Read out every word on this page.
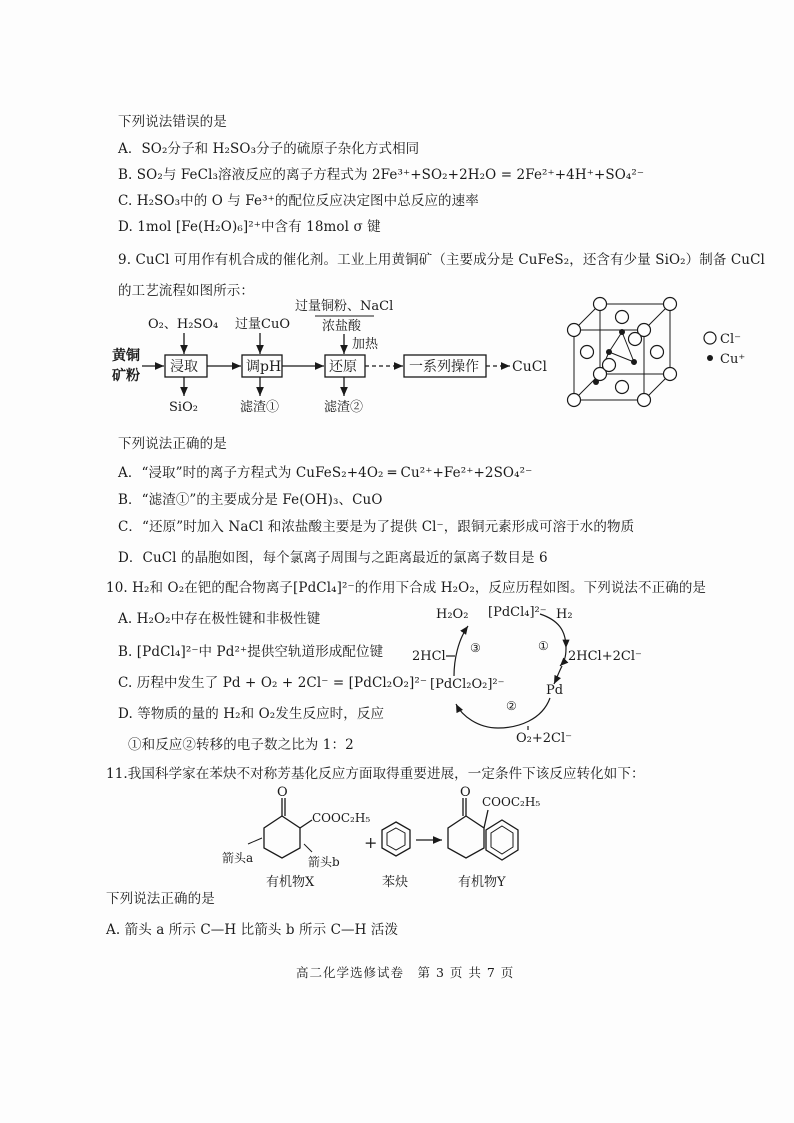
下列说法错误的是
A．SO₂分子和 H₂SO₃分子的硫原子杂化方式相同
B. SO₂与 FeCl₃溶液反应的离子方程式为 2Fe³⁺+SO₂+2H₂O = 2Fe²⁺+4H⁺+SO₄²⁻
C. H₂SO₃中的 O 与 Fe³⁺的配位反应决定图中总反应的速率
D. 1mol [Fe(H₂O)₆]²⁺中含有 18mol σ 键
9. CuCl 可用作有机合成的催化剂。工业上用黄铜矿（主要成分是 CuFeS₂，还含有少量 SiO₂）制备 CuCl
的工艺流程如图所示：
黄铜
矿粉
O₂、H₂SO₄
浸取
SiO₂
过量CuO
调pH
滤渣①
过量铜粉、NaCl
浓盐酸
加热
还原
滤渣②
一系列操作 CuCl
Cl⁻
Cu⁺
下列说法正确的是
A．“浸取”时的离子方程式为 CuFeS₂+4O₂ ═ Cu²⁺+Fe²⁺+2SO₄²⁻
B．“滤渣①”的主要成分是 Fe(OH)₃、CuO
C．“还原”时加入 NaCl 和浓盐酸主要是为了提供 Cl⁻，跟铜元素形成可溶于水的物质
D．CuCl 的晶胞如图，每个氯离子周围与之距离最近的氯离子数目是 6
10. H₂和 O₂在钯的配合物离子[PdCl₄]²⁻的作用下合成 H₂O₂，反应历程如图。下列说法不正确的是
A. H₂O₂中存在极性键和非极性键
B. [PdCl₄]²⁻中 Pd²⁺提供空轨道形成配位键
C. 历程中发生了 Pd + O₂ + 2Cl⁻ = [PdCl₂O₂]²⁻
D. 等物质的量的 H₂和 O₂发生反应时，反应
①和反应②转移的电子数之比为 1：2
H₂O₂ [PdCl₄]²⁻ H₂
①
2HCl+2Cl⁻
Pd
②
O₂+2Cl⁻
[PdCl₂O₂]²⁻
③
2HCl
11.我国科学家在苯炔不对称芳基化反应方面取得重要进展，一定条件下该反应转化如下：
O
COOC₂H₅
箭头a	箭头b
有机物X
+
苯炔
O
COOC₂H₅
有机物Y
下列说法正确的是
A. 箭头 a 所示 C—H 比箭头 b 所示 C—H 活泼
高二化学选修试卷　第 3 页 共 7 页
